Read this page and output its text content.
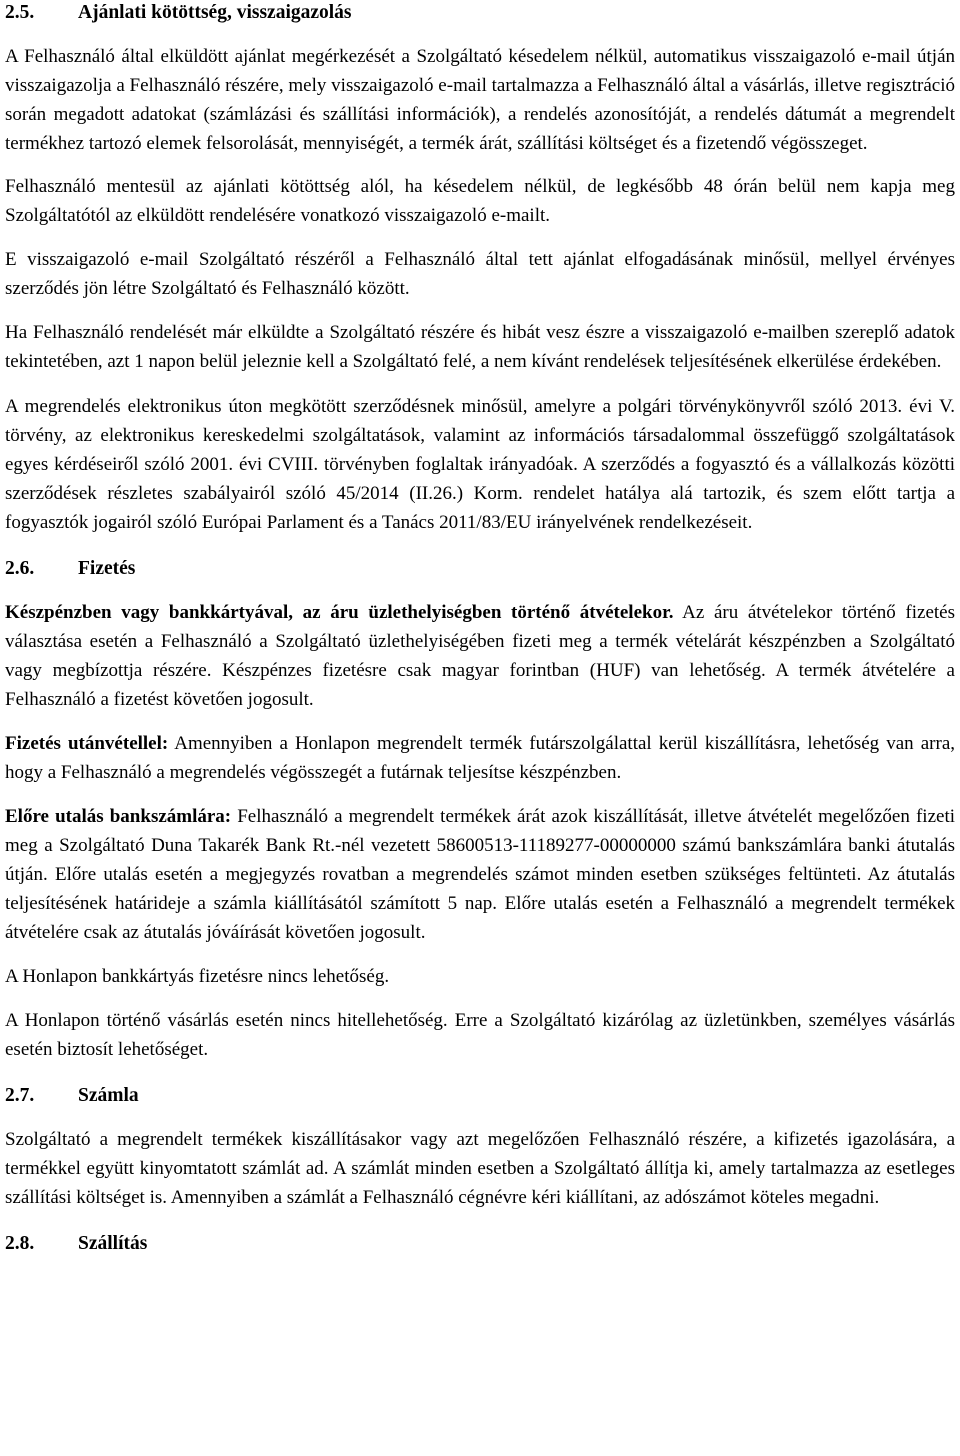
2.5.	Ajánlati kötöttség, visszaigazolás

A Felhasználó által elküldött ajánlat megérkezését a Szolgáltató késedelem nélkül, automatikus visszaigazoló e-mail útján visszaigazolja a Felhasználó részére, mely visszaigazoló e-mail tartalmazza a Felhasználó által a vásárlás, illetve regisztráció során megadott adatokat (számlázási és szállítási információk), a rendelés azonosítóját, a rendelés dátumát a megrendelt termékhez tartozó elemek felsorolását, mennyiségét, a termék árát, szállítási költséget és a fizetendő végösszeget.

Felhasználó mentesül az ajánlati kötöttség alól, ha késedelem nélkül, de legkésőbb 48 órán belül nem kapja meg Szolgáltatótól az elküldött rendelésére vonatkozó visszaigazoló e-mailt.

E visszaigazoló e-mail Szolgáltató részéről a Felhasználó által tett ajánlat elfogadásának minősül, mellyel érvényes szerződés jön létre Szolgáltató és Felhasználó között.

Ha Felhasználó rendelését már elküldte a Szolgáltató részére és hibát vesz észre a visszaigazoló e-mailben szereplő adatok tekintetében, azt 1 napon belül jeleznie kell a Szolgáltató felé, a nem kívánt rendelések teljesítésének elkerülése érdekében.

A megrendelés elektronikus úton megkötött szerződésnek minősül, amelyre a polgári törvénykönyvről szóló 2013. évi V. törvény, az elektronikus kereskedelmi szolgáltatások, valamint az információs társadalommal összefüggő szolgáltatások egyes kérdéseiről szóló 2001. évi CVIII. törvényben foglaltak irányadóak. A szerződés a fogyasztó és a vállalkozás közötti szerződések részletes szabályairól szóló 45/2014 (II.26.) Korm. rendelet hatálya alá tartozik, és szem előtt tartja a fogyasztók jogairól szóló Európai Parlament és a Tanács 2011/83/EU irányelvének rendelkezéseit.

2.6.	Fizetés

Készpénzben vagy bankkártyával, az áru üzlethelyiségben történő átvételekor. Az áru átvételekor történő fizetés választása esetén a Felhasználó a Szolgáltató üzlethelyiségében fizeti meg a termék vételárát készpénzben a Szolgáltató vagy megbízottja részére. Készpénzes fizetésre csak magyar forintban (HUF) van lehetőség. A termék átvételére a Felhasználó a fizetést követően jogosult.

Fizetés utánvétellel: Amennyiben a Honlapon megrendelt termék futárszolgálattal kerül kiszállításra, lehetőség van arra, hogy a Felhasználó a megrendelés végösszegét a futárnak teljesítse készpénzben.

Előre utalás bankszámlára: Felhasználó a megrendelt termékek árát azok kiszállítását, illetve átvételét megelőzően fizeti meg a Szolgáltató Duna Takarék Bank Rt.-nél vezetett 58600513-11189277-00000000 számú bankszámlára banki átutalás útján. Előre utalás esetén a megjegyzés rovatban a megrendelés számot minden esetben szükséges feltünteti. Az átutalás teljesítésének határideje a számla kiállításától számított 5 nap. Előre utalás esetén a Felhasználó a megrendelt termékek átvételére csak az átutalás jóváírását követően jogosult.

A Honlapon bankkártyás fizetésre nincs lehetőség.

A Honlapon történő vásárlás esetén nincs hitellehetőség. Erre a Szolgáltató kizárólag az üzletünkben, személyes vásárlás esetén biztosít lehetőséget.

2.7.	Számla

Szolgáltató a megrendelt termékek kiszállításakor vagy azt megelőzően Felhasználó részére, a kifizetés igazolására, a termékkel együtt kinyomtatott számlát ad. A számlát minden esetben a Szolgáltató állítja ki, amely tartalmazza az esetleges szállítási költséget is. Amennyiben a számlát a Felhasználó cégnévre kéri kiállítani, az adószámot köteles megadni.

2.8.	Szállítás
